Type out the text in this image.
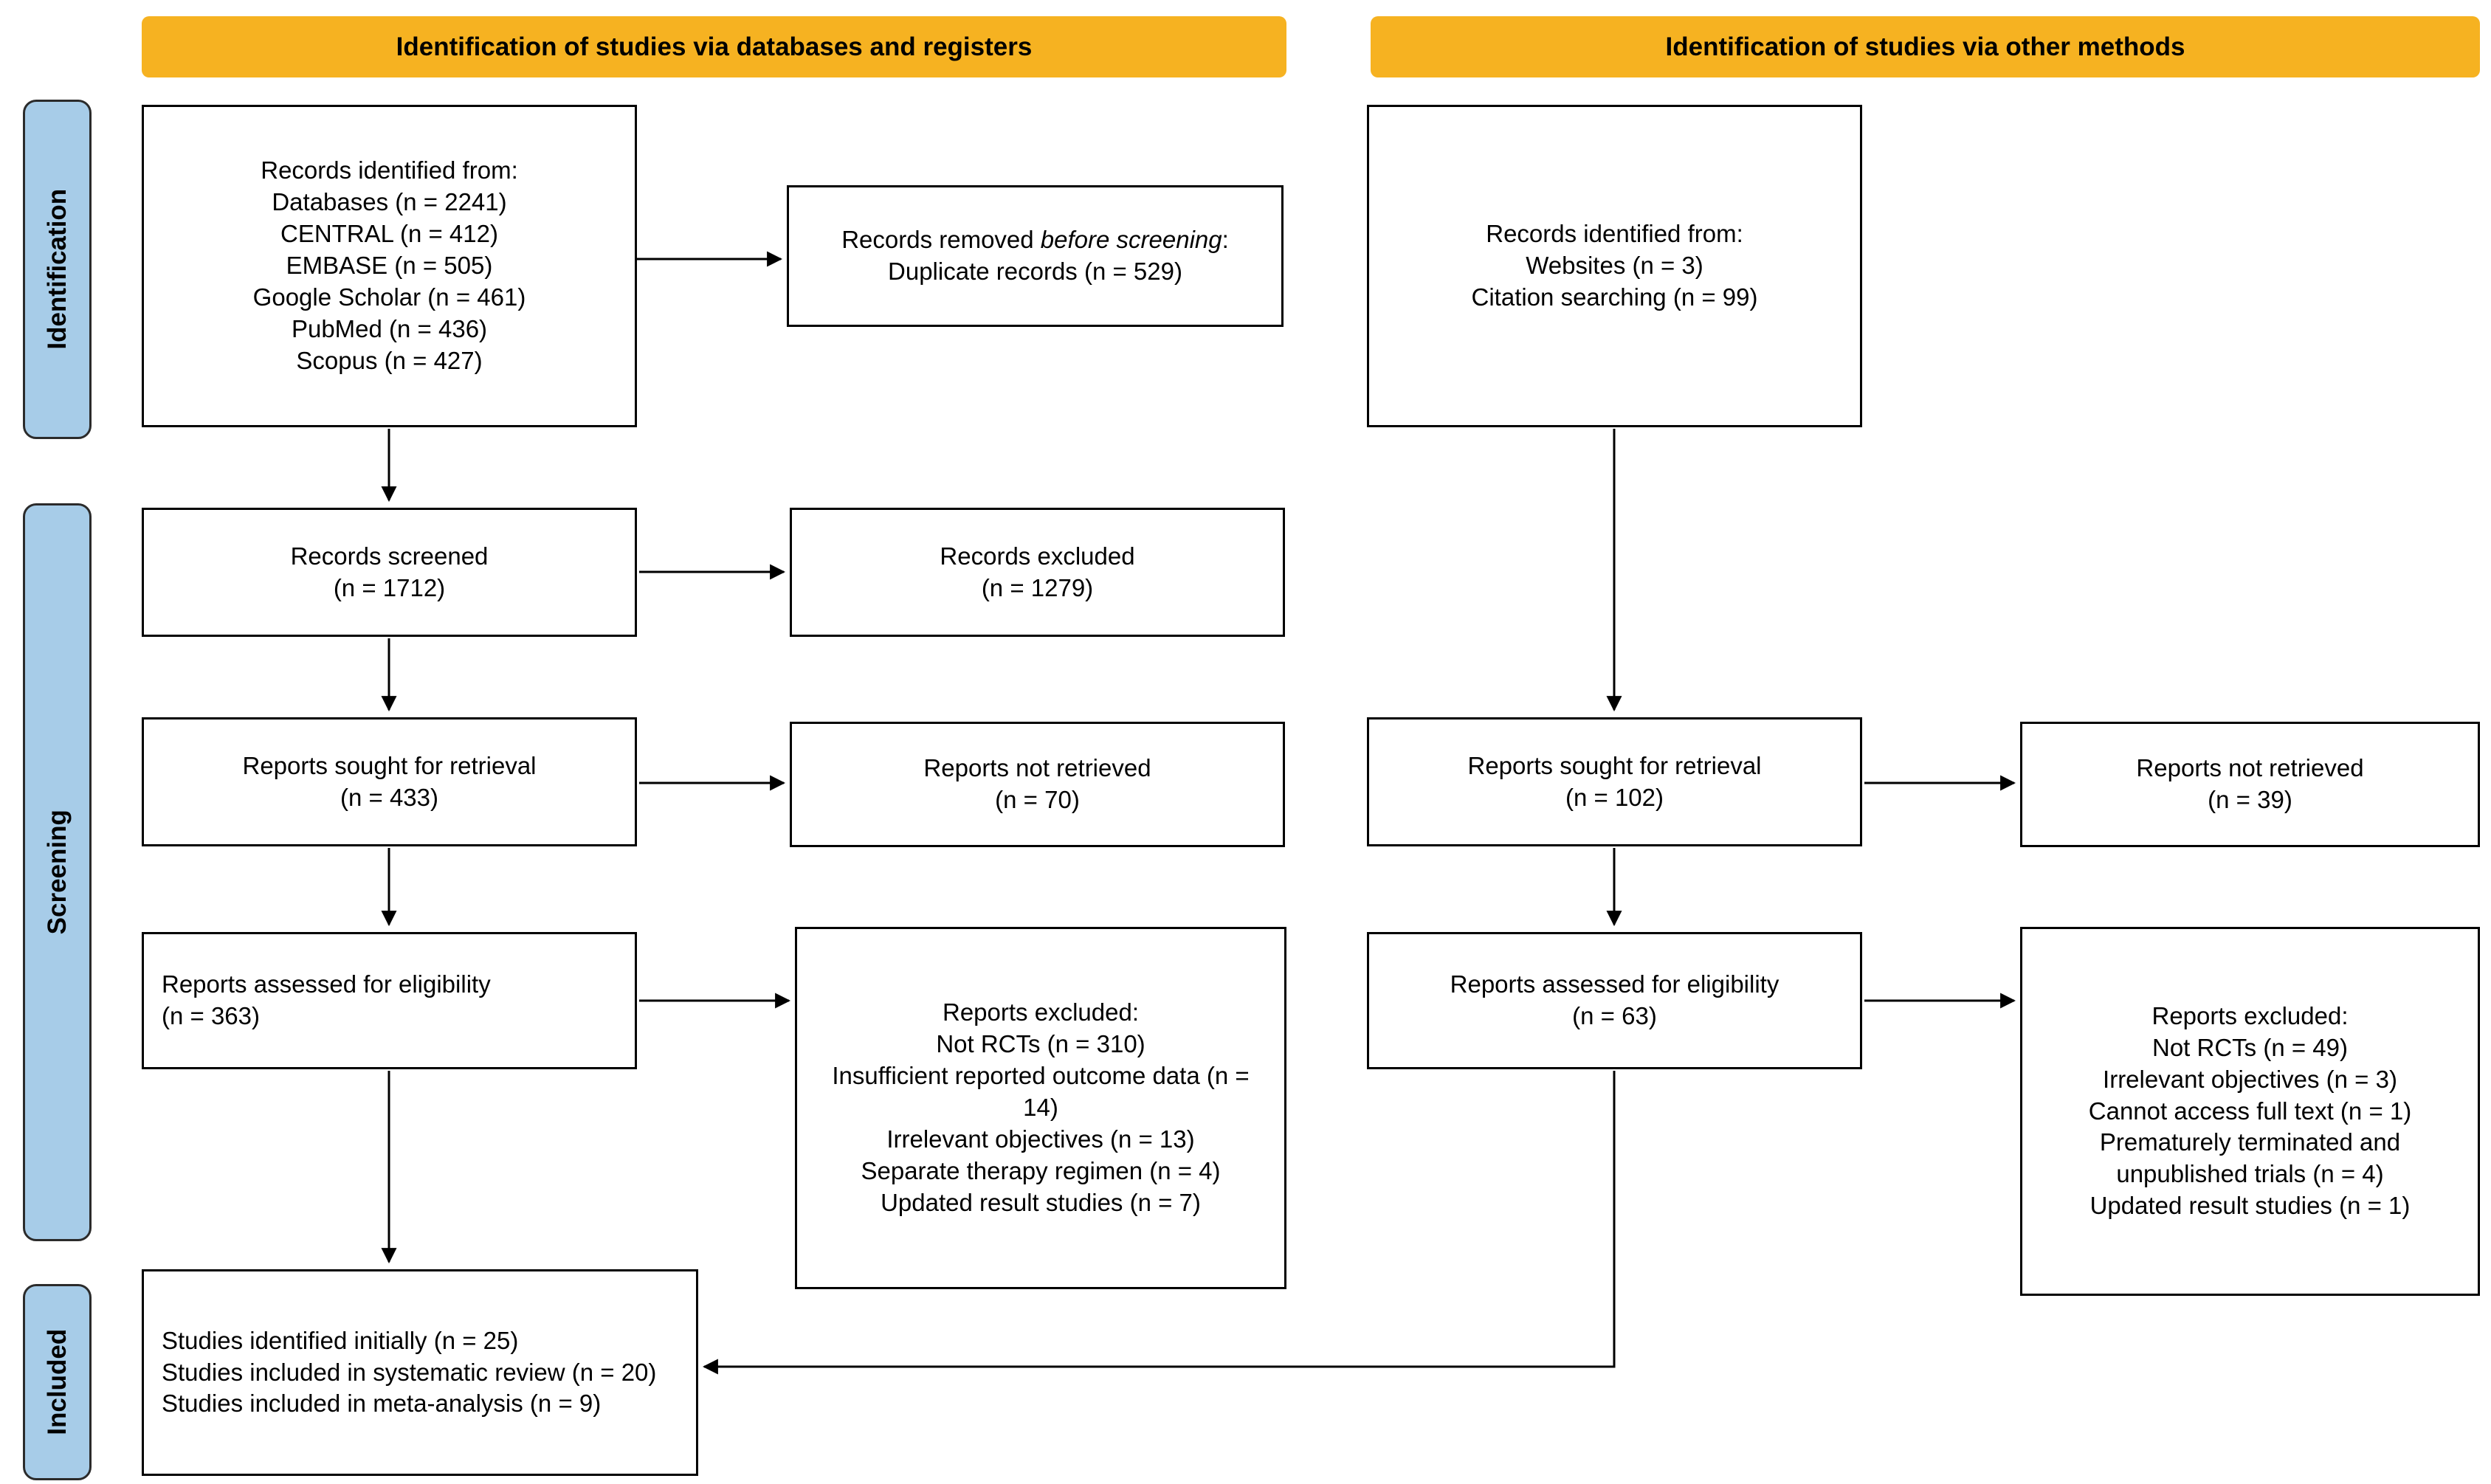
Identification of studies via databases and registers	Identification of studies via other methods
Identification
Screening
Included
Records identified from:
Databases (n = 2241)
CENTRAL (n = 412)
EMBASE (n = 505)
Google Scholar (n = 461)
PubMed (n = 436)
Scopus (n = 427)
Records removed before screening:
Duplicate records (n = 529)
Records screened
(n = 1712)
Records excluded
(n = 1279)
Reports sought for retrieval
(n = 433)
Reports not retrieved
(n = 70)
Reports assessed for eligibility
(n = 363)	Reports excluded:
Not RCTs (n = 310)
Insufficient reported outcome data (n = 14)
Irrelevant objectives (n = 13)
Separate therapy regimen (n = 4)
Updated result studies (n = 7)
Studies identified initially (n = 25)
Studies included in systematic review (n = 20)
Studies included in meta-analysis (n = 9)
Records identified from:
Websites (n = 3)
Citation searching (n = 99)
Reports sought for retrieval
(n = 102)
Reports not retrieved
(n = 39)
Reports assessed for eligibility
(n = 63)	Reports excluded:
Not RCTs (n = 49)
Irrelevant objectives (n = 3)
Cannot access full text (n = 1)
Prematurely terminated and unpublished trials (n = 4)
Updated result studies (n = 1)
